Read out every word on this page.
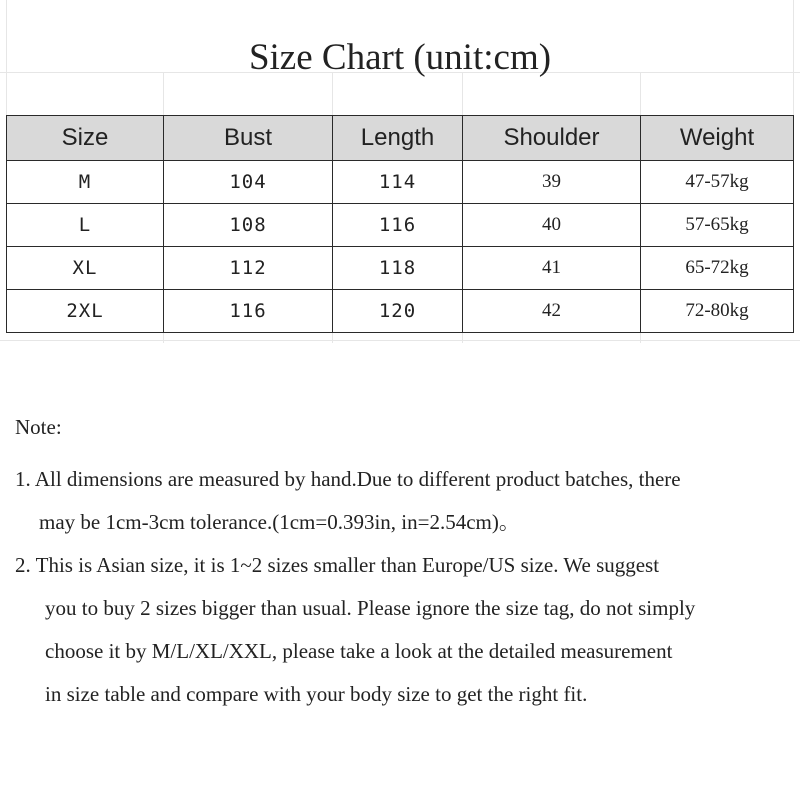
Size Chart (unit:cm)
Size	Bust	Length	Shoulder	Weight
M	104	114	39	47-57kg
L	108	116	40	57-65kg
XL	112	118	41	65-72kg
2XL	116	120	42	72-80kg
Note:
1. All dimensions are measured by hand.Due to different product batches, there
may be 1cm-3cm tolerance.(1cm=0.393in, in=2.54cm)。
2. This is Asian size, it is 1~2 sizes smaller than Europe/US size. We suggest
you to buy 2 sizes bigger than usual. Please ignore the size tag, do not simply
choose it by M/L/XL/XXL, please take a look at the detailed measurement
in size table and compare with your body size to get the right fit.
